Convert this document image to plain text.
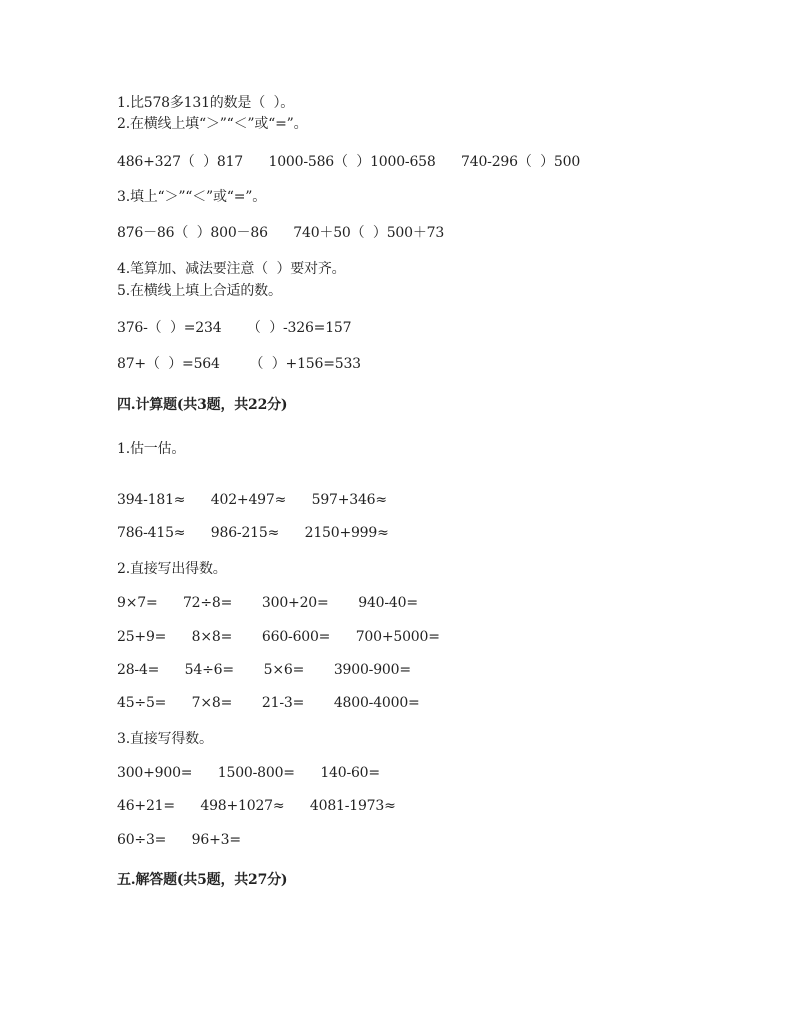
1.比578多131的数是（  ）。
2.在横线上填“＞”“＜”或“=”。
486+327（  ）817      1000-586（  ）1000-658      740-296（  ）500
3.填上“＞”“＜”或“=”。
876－86（  ）800－86      740＋50（  ）500＋73
4.笔算加、减法要注意（  ）要对齐。
5.在横线上填上合适的数。
376-（  ）=234      （  ）-326=157
87+（  ）=564       （  ）+156=533
四.计算题(共3题，共22分)
1.估一估。
394-181≈      402+497≈      597+346≈
786-415≈      986-215≈      2150+999≈
2.直接写出得数。
9×7=      72÷8=       300+20=       940-40=
25+9=      8×8=       660-600=      700+5000=
28-4=      54÷6=       5×6=       3900-900=
45÷5=      7×8=       21-3=       4800-4000=
3.直接写得数。
300+900=      1500-800=      140-60=
46+21=      498+1027≈      4081-1973≈
60÷3=      96+3=
五.解答题(共5题，共27分)
